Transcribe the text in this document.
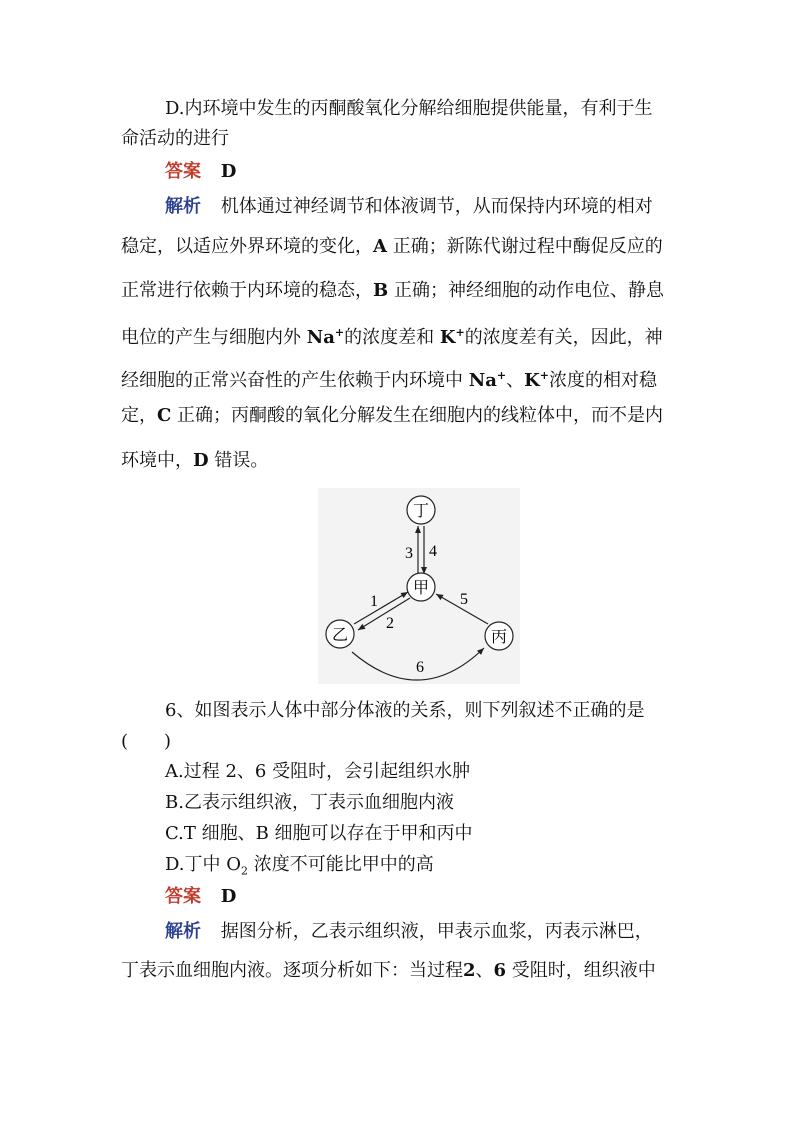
D.内环境中发生的丙酮酸氧化分解给细胞提供能量，有利于生
命活动的进行
答案 D
解析 机体通过神经调节和体液调节，从而保持内环境的相对
稳定，以适应外界环境的变化，A 正确；新陈代谢过程中酶促反应的
正常进行依赖于内环境的稳态，B 正确；神经细胞的动作电位、静息
电位的产生与细胞内外 Na+的浓度差和 K+的浓度差有关，因此，神
经细胞的正常兴奋性的产生依赖于内环境中 Na+、K+浓度的相对稳
定，C 正确；丙酮酸的氧化分解发生在细胞内的线粒体中，而不是内
环境中，D 错误。
丁
甲
乙	丙
3 4
1
2
5
6
6、如图表示人体中部分体液的关系，则下列叙述不正确的是
(　　)
A.过程 2、6 受阻时，会引起组织水肿
B.乙表示组织液，丁表示血细胞内液
C.T 细胞、B 细胞可以存在于甲和丙中
D.丁中 $O_2$ 浓度不可能比甲中的高
答案 D
解析 据图分析，乙表示组织液，甲表示血浆，丙表示淋巴，
丁表示血细胞内液。逐项分析如下：当过程2、6 受阻时，组织液中
